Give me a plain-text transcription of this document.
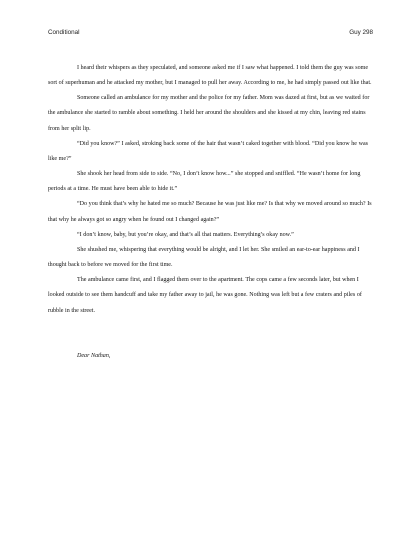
Conditional	Guy 298

I heard their whispers as they speculated, and someone asked me if I saw what happened. I told them the guy was some sort of superhuman and he attacked my mother, but I managed to pull her away. According to me, he had simply passed out like that.

Someone called an ambulance for my mother and the police for my father. Mom was dazed at first, but as we waited for the ambulance she started to ramble about something. I held her around the shoulders and she kissed at my chin, leaving red stains from her split lip.

“Did you know?” I asked, stroking back some of the hair that wasn’t caked together with blood. “Did you know he was like me?”

She shook her head from side to side. “No, I don’t know how...” she stopped and sniffled. “He wasn’t home for long periods at a time. He must have been able to hide it.”

“Do you think that’s why he hated me so much? Because he was just like me? Is that why we moved around so much? Is that why he always got so angry when he found out I changed again?”

“I don’t know, baby, but you’re okay, and that’s all that matters. Everything’s okay now.”

She shushed me, whispering that everything would be alright, and I let her. She smiled an ear-to-ear happiness and I thought back to before we moved for the first time.

The ambulance came first, and I flagged them over to the apartment. The cops came a few seconds later, but when I looked outside to see them handcuff and take my father away to jail, he was gone. Nothing was left but a few craters and piles of rubble in the street.

Dear Nathan,
